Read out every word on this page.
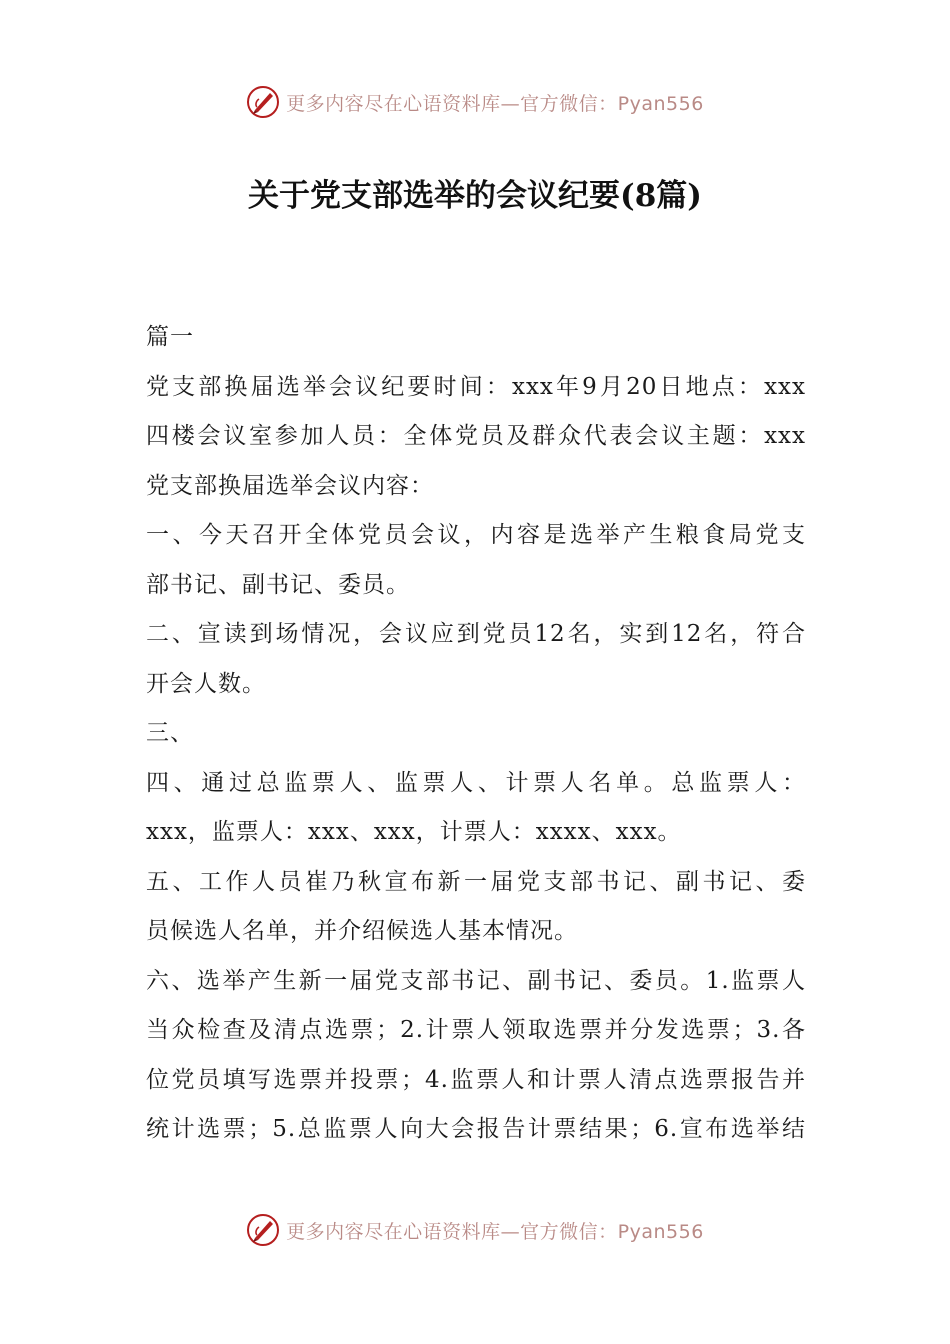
更多内容尽在心语资料库—官方微信：Pyan556
关于党支部选举的会议纪要(8篇)
篇一
党支部换届选举会议纪要时间：xxx年9月20日地点：xxx
四楼会议室参加人员：全体党员及群众代表会议主题：xxx
党支部换届选举会议内容：
一、今天召开全体党员会议，内容是选举产生粮食局党支
部书记、副书记、委员。
二、宣读到场情况，会议应到党员12名，实到12名，符合
开会人数。
三、
四、通过总监票人、监票人、计票人名单。总监票人：
xxx，监票人：xxx、xxx，计票人：xxxx、xxx。
五、工作人员崔乃秋宣布新一届党支部书记、副书记、委
员候选人名单，并介绍候选人基本情况。
六、选举产生新一届党支部书记、副书记、委员。1.监票人
当众检查及清点选票；2.计票人领取选票并分发选票；3.各
位党员填写选票并投票；4.监票人和计票人清点选票报告并
统计选票；5.总监票人向大会报告计票结果；6.宣布选举结
更多内容尽在心语资料库—官方微信：Pyan556
